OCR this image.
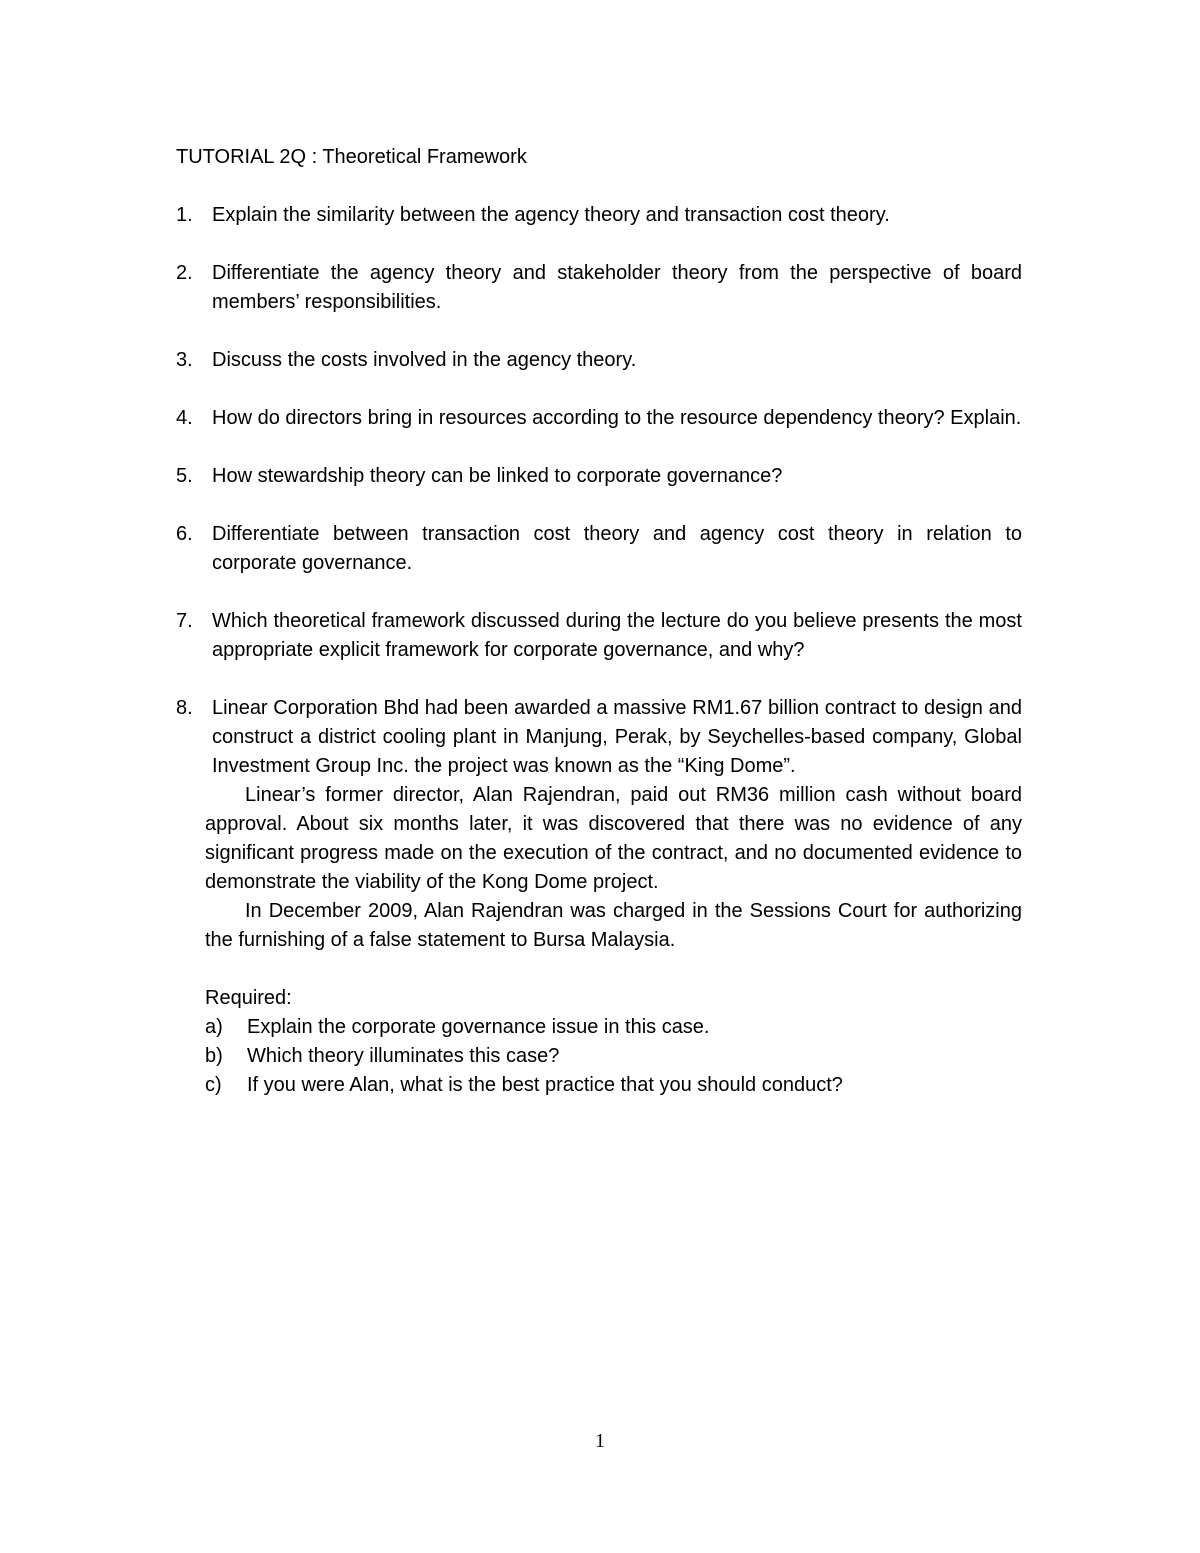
TUTORIAL 2Q : Theoretical Framework
1. Explain the similarity between the agency theory and transaction cost theory.
2. Differentiate the agency theory and stakeholder theory from the perspective of board members’ responsibilities.
3. Discuss the costs involved in the agency theory.
4. How do directors bring in resources according to the resource dependency theory? Explain.
5. How stewardship theory can be linked to corporate governance?
6. Differentiate between transaction cost theory and agency cost theory in relation to corporate governance.
7. Which theoretical framework discussed during the lecture do you believe presents the most appropriate explicit framework for corporate governance, and why?
8. Linear Corporation Bhd had been awarded a massive RM1.67 billion contract to design and construct a district cooling plant in Manjung, Perak, by Seychelles-based company, Global Investment Group Inc. the project was known as the “King Dome”.

Linear’s former director, Alan Rajendran, paid out RM36 million cash without board approval. About six months later, it was discovered that there was no evidence of any significant progress made on the execution of the contract, and no documented evidence to demonstrate the viability of the Kong Dome project.

In December 2009, Alan Rajendran was charged in the Sessions Court for authorizing the furnishing of a false statement to Bursa Malaysia.

Required:

a) Explain the corporate governance issue in this case.
b) Which theory illuminates this case?
c) If you were Alan, what is the best practice that you should conduct?
1
